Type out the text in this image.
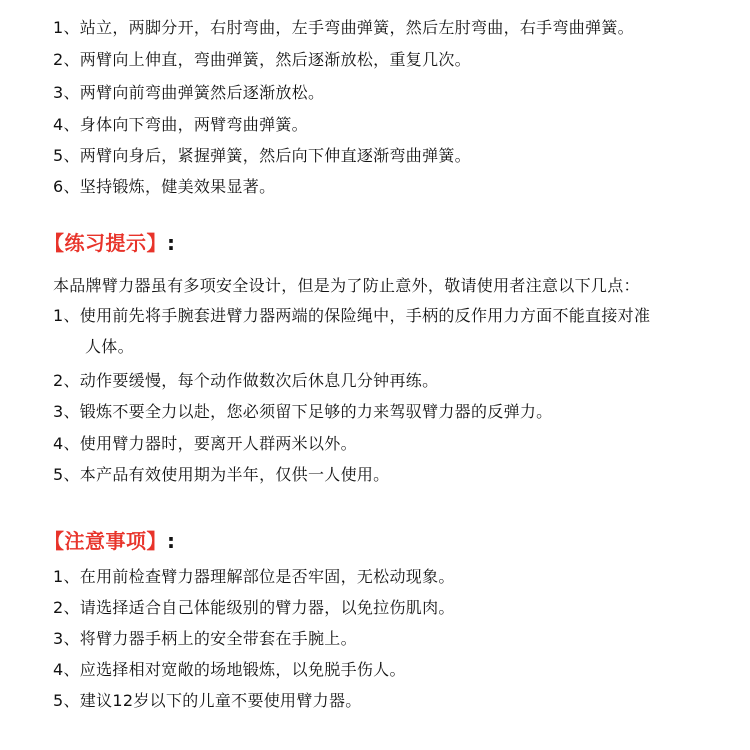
1、站立，两脚分开，右肘弯曲，左手弯曲弹簧，然后左肘弯曲，右手弯曲弹簧。
2、两臂向上伸直，弯曲弹簧，然后逐渐放松，重复几次。
3、两臂向前弯曲弹簧然后逐渐放松。
4、身体向下弯曲，两臂弯曲弹簧。
5、两臂向身后，紧握弹簧，然后向下伸直逐渐弯曲弹簧。
6、坚持锻炼，健美效果显著。
【练习提示】:
本品牌臂力器虽有多项安全设计，但是为了防止意外，敬请使用者注意以下几点：
1、使用前先将手腕套进臂力器两端的保险绳中，手柄的反作用力方面不能直接对准
人体。
2、动作要缓慢，每个动作做数次后休息几分钟再练。
3、锻炼不要全力以赴，您必须留下足够的力来驾驭臂力器的反弹力。
4、使用臂力器时，要离开人群两米以外。
5、本产品有效使用期为半年，仅供一人使用。
【注意事项】:
1、在用前检查臂力器理解部位是否牢固，无松动现象。
2、请选择适合自己体能级别的臂力器，以免拉伤肌肉。
3、将臂力器手柄上的安全带套在手腕上。
4、应选择相对宽敞的场地锻炼，以免脱手伤人。
5、建议12岁以下的儿童不要使用臂力器。
